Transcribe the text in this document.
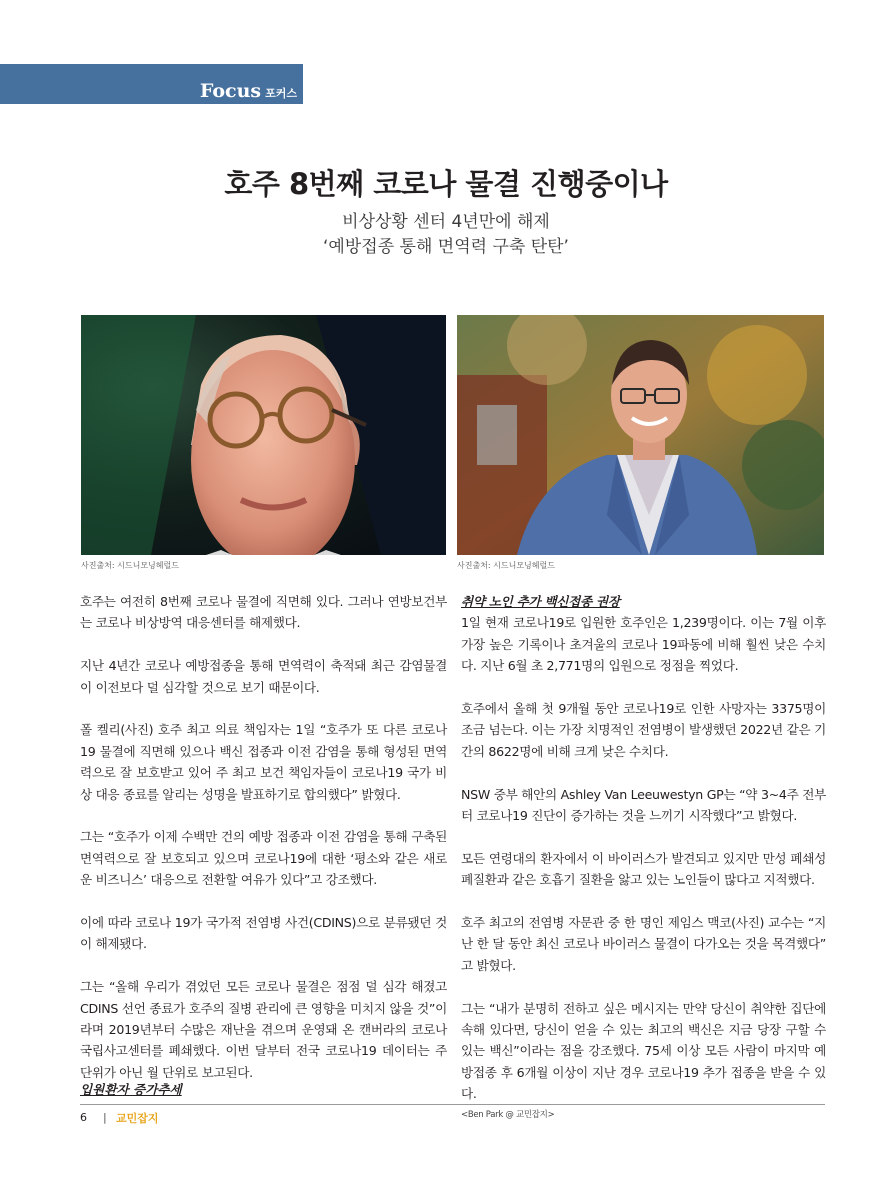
Focus 포커스
호주 8번째 코로나 물결 진행중이나
비상상황 센터 4년만에 해제
‘예방접종 통해 면역력 구축 탄탄’
사진출처: 시드니모닝헤럴드	사진출처: 시드니모닝헤럴드

호주는 여전히 8번째 코로나 물결에 직면해 있다. 그러나 연방보건부는 코로나 비상방역 대응센터를 해제했다.

지난 4년간 코로나 예방접종을 통해 면역력이 축적돼 최근 감염물결이 이전보다 덜 심각할 것으로 보기 때문이다.

폴 켈리(사진) 호주 최고 의료 책임자는 1일 “호주가 또 다른 코로나19 물결에 직면해 있으나 백신 접종과 이전 감염을 통해 형성된 면역력으로 잘 보호받고 있어 주 최고 보건 책임자들이 코로나19 국가 비상 대응 종료를 알리는 성명을 발표하기로 합의했다” 밝혔다.

그는 “호주가 이제 수백만 건의 예방 접종과 이전 감염을 통해 구축된 면역력으로 잘 보호되고 있으며 코로나19에 대한 ‘평소와 같은 새로운 비즈니스’ 대응으로 전환할 여유가 있다”고 강조했다.

이에 따라 코로나 19가 국가적 전염병 사건(CDINS)으로 분류됐던 것이 해제됐다.

그는 “올해 우리가 겪었던 모든 코로나 물결은 점점 덜 심각 해졌고 CDINS 선언 종료가 호주의 질병 관리에 큰 영향을 미치지 않을 것”이라며 2019년부터 수많은 재난을 겪으며 운영돼 온 캔버라의 코로나 국립사고센터를 폐쇄했다. 이번 달부터 전국 코로나19 데이터는 주 단위가 아닌 월 단위로 보고된다.

입원환자 증가추세
취약 노인 추가 백신접종 권장

1일 현재 코로나19로 입원한 호주인은 1,239명이다. 이는 7월 이후 가장 높은 기록이나 초겨울의 코로나 19파동에 비해 훨씬 낮은 수치다. 지난 6월 초 2,771명의 입원으로 정점을 찍었다.

호주에서 올해 첫 9개월 동안 코로나19로 인한 사망자는 3375명이 조금 넘는다. 이는 가장 치명적인 전염병이 발생했던 2022년 같은 기간의 8622명에 비해 크게 낮은 수치다.

NSW 중부 해안의 Ashley Van Leeuwestyn GP는 “약 3~4주 전부터 코로나19 진단이 증가하는 것을 느끼기 시작했다”고 밝혔다.

모든 연령대의 환자에서 이 바이러스가 발견되고 있지만 만성 폐쇄성 폐질환과 같은 호흡기 질환을 앓고 있는 노인들이 많다고 지적했다.

호주 최고의 전염병 자문관 중 한 명인 제임스 맥코(사진) 교수는 “지난 한 달 동안 최신 코로나 바이러스 물결이 다가오는 것을 목격했다” 고 밝혔다.

그는 “내가 분명히 전하고 싶은 메시지는 만약 당신이 취약한 집단에 속해 있다면, 당신이 얻을 수 있는 최고의 백신은 지금 당장 구할 수 있는 백신”이라는 점을 강조했다. 75세 이상 모든 사람이 마지막 예방접종 후 6개월 이상이 지난 경우 코로나19 추가 접종을 받을 수 있다.

<Ben Park @ 교민잡지>
6 | 교민잡지
